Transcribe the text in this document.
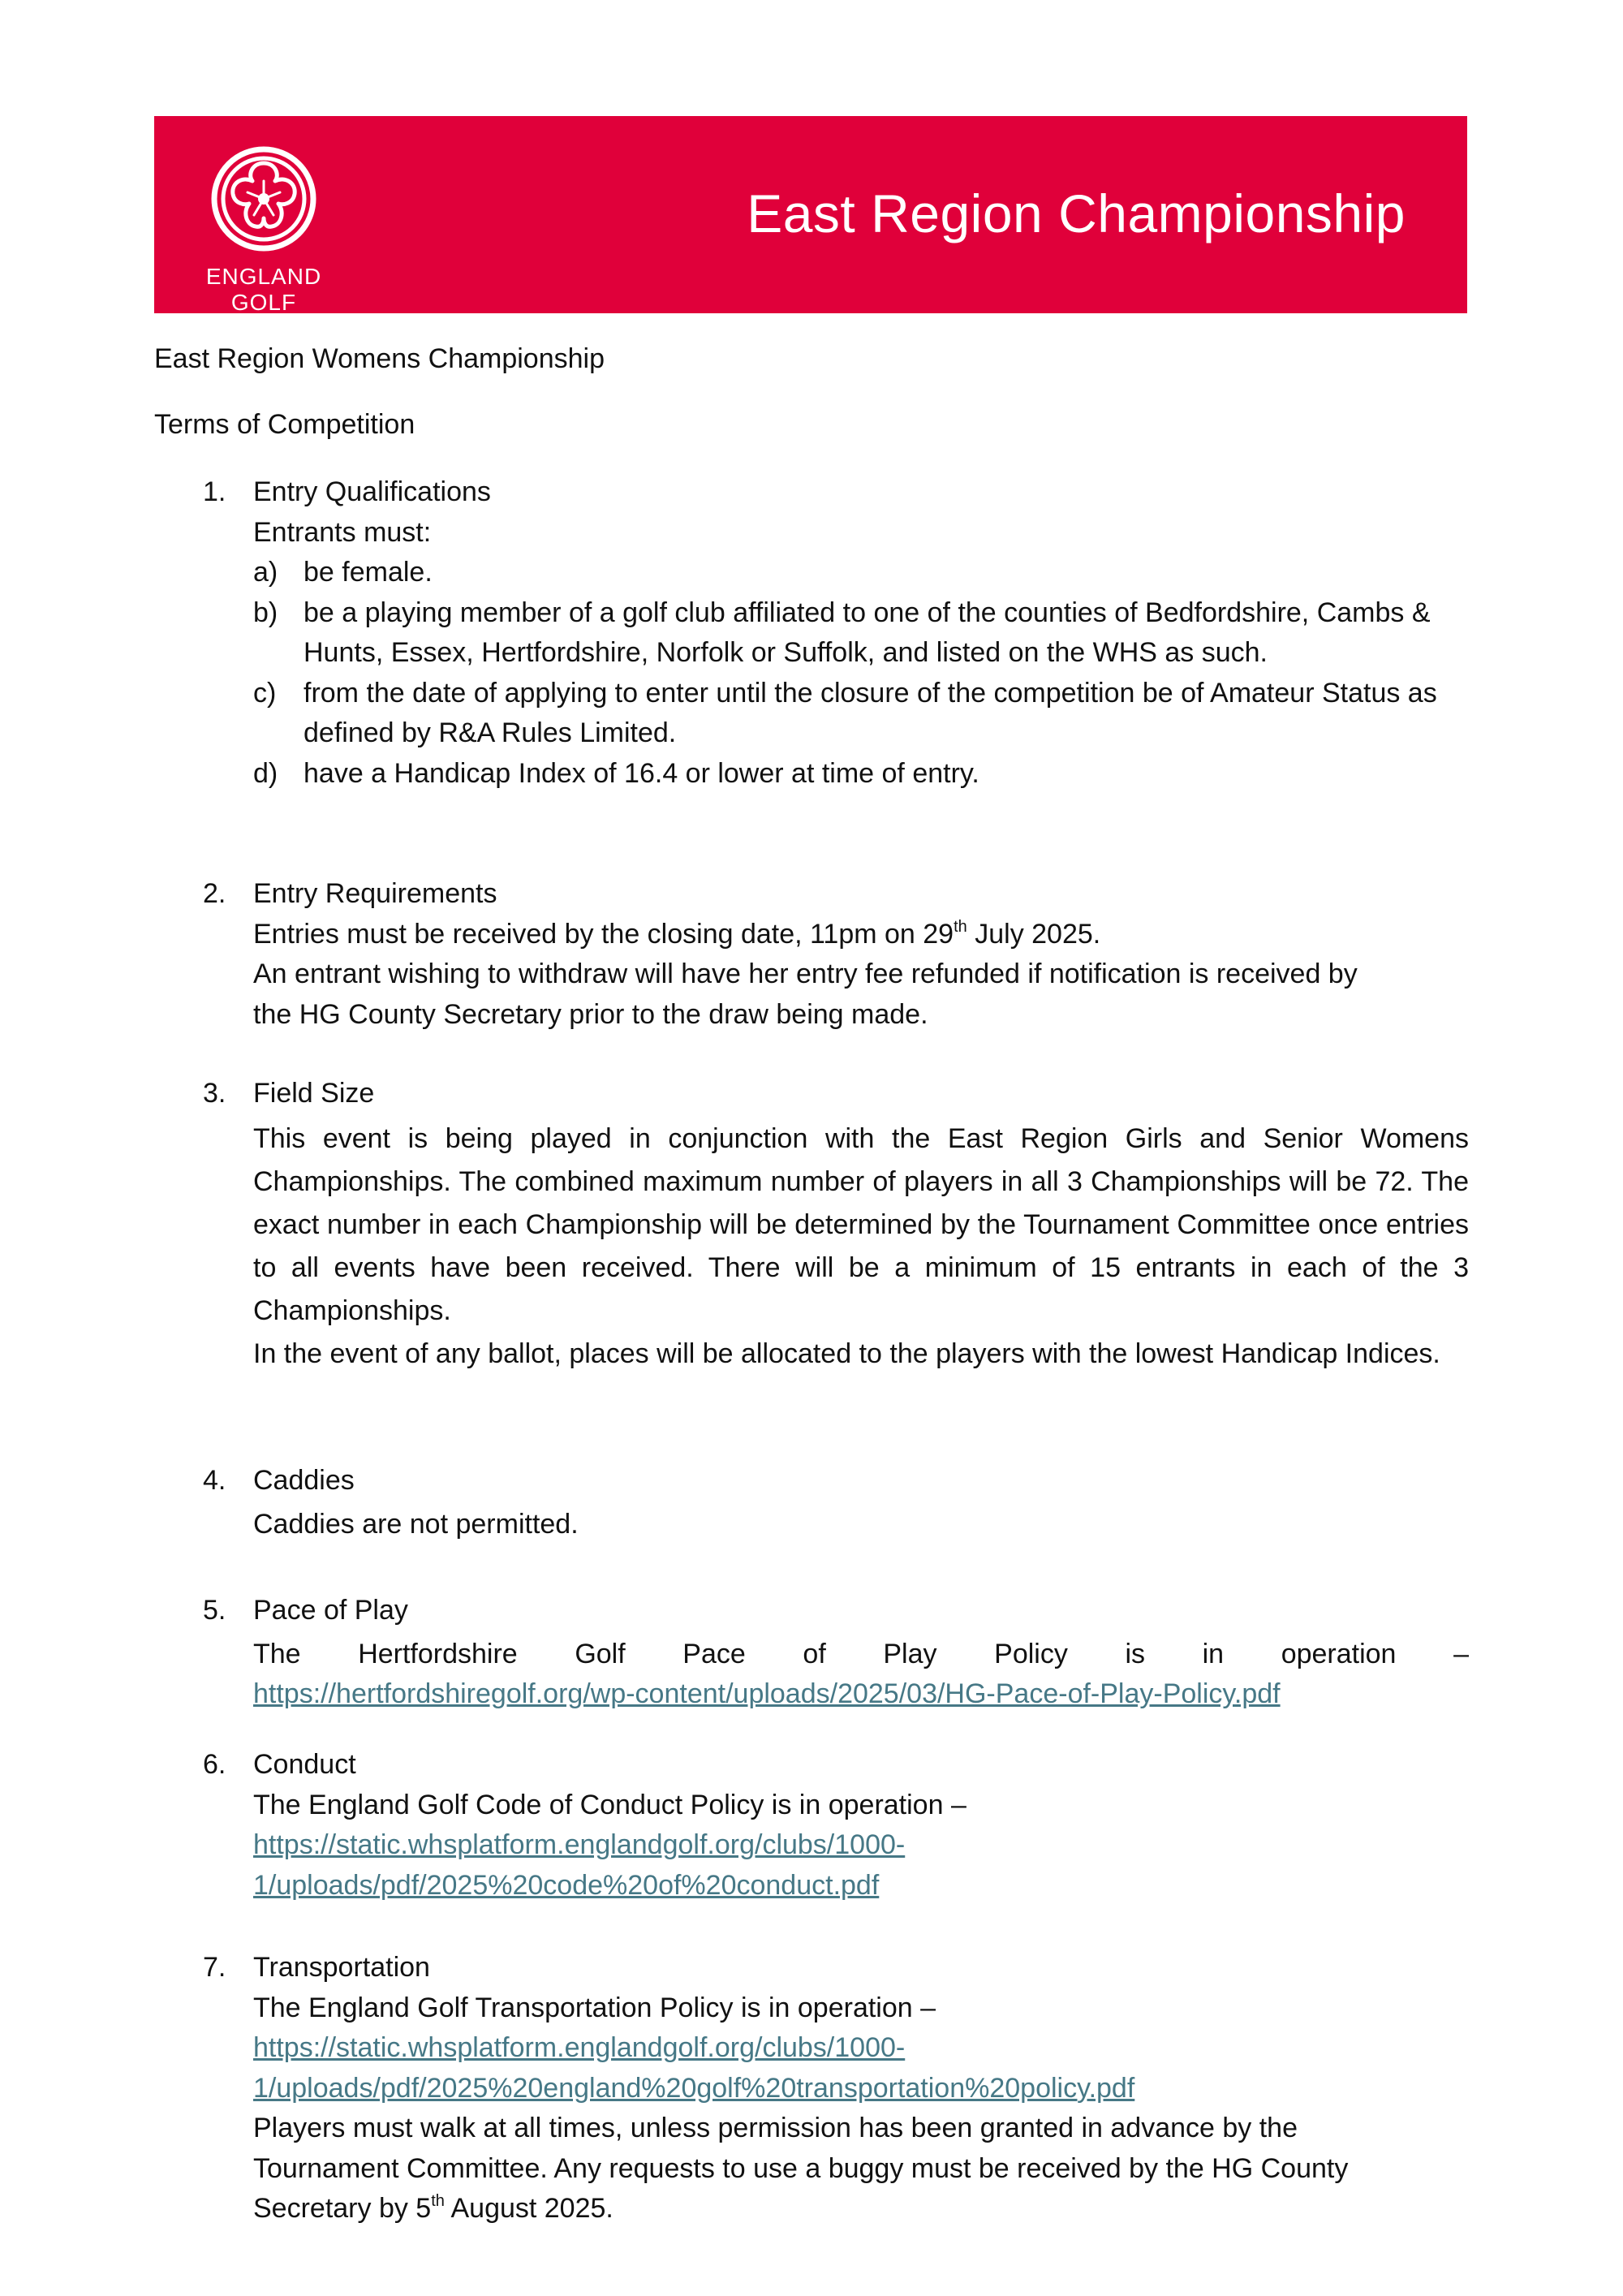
ENGLAND
GOLF
East Region Championship

East Region Womens Championship

Terms of Competition

1. Entry Qualifications
Entrants must:
a) be female.
b) be a playing member of a golf club affiliated to one of the counties of Bedfordshire, Cambs & Hunts, Essex, Hertfordshire, Norfolk or Suffolk, and listed on the WHS as such.
c) from the date of applying to enter until the closure of the competition be of Amateur Status as defined by R&A Rules Limited.
d) have a Handicap Index of 16.4 or lower at time of entry.
2. Entry Requirements
Entries must be received by the closing date, 11pm on 29th July 2025.
An entrant wishing to withdraw will have her entry fee refunded if notification is received by the HG County Secretary prior to the draw being made.
3. Field Size
This event is being played in conjunction with the East Region Girls and Senior Womens Championships. The combined maximum number of players in all 3 Championships will be 72. The exact number in each Championship will be determined by the Tournament Committee once entries to all events have been received. There will be a minimum of 15 entrants in each of the 3 Championships.
In the event of any ballot, places will be allocated to the players with the lowest Handicap Indices.
4. Caddies
Caddies are not permitted.
5. Pace of Play
The Hertfordshire Golf Pace of Play Policy is in operation –
https://hertfordshiregolf.org/wp-content/uploads/2025/03/HG-Pace-of-Play-Policy.pdf
6. Conduct
The England Golf Code of Conduct Policy is in operation –
https://static.whsplatform.englandgolf.org/clubs/1000-
1/uploads/pdf/2025%20code%20of%20conduct.pdf
7. Transportation
The England Golf Transportation Policy is in operation –
https://static.whsplatform.englandgolf.org/clubs/1000-
1/uploads/pdf/2025%20england%20golf%20transportation%20policy.pdf
Players must walk at all times, unless permission has been granted in advance by the Tournament Committee. Any requests to use a buggy must be received by the HG County Secretary by 5th August 2025.
